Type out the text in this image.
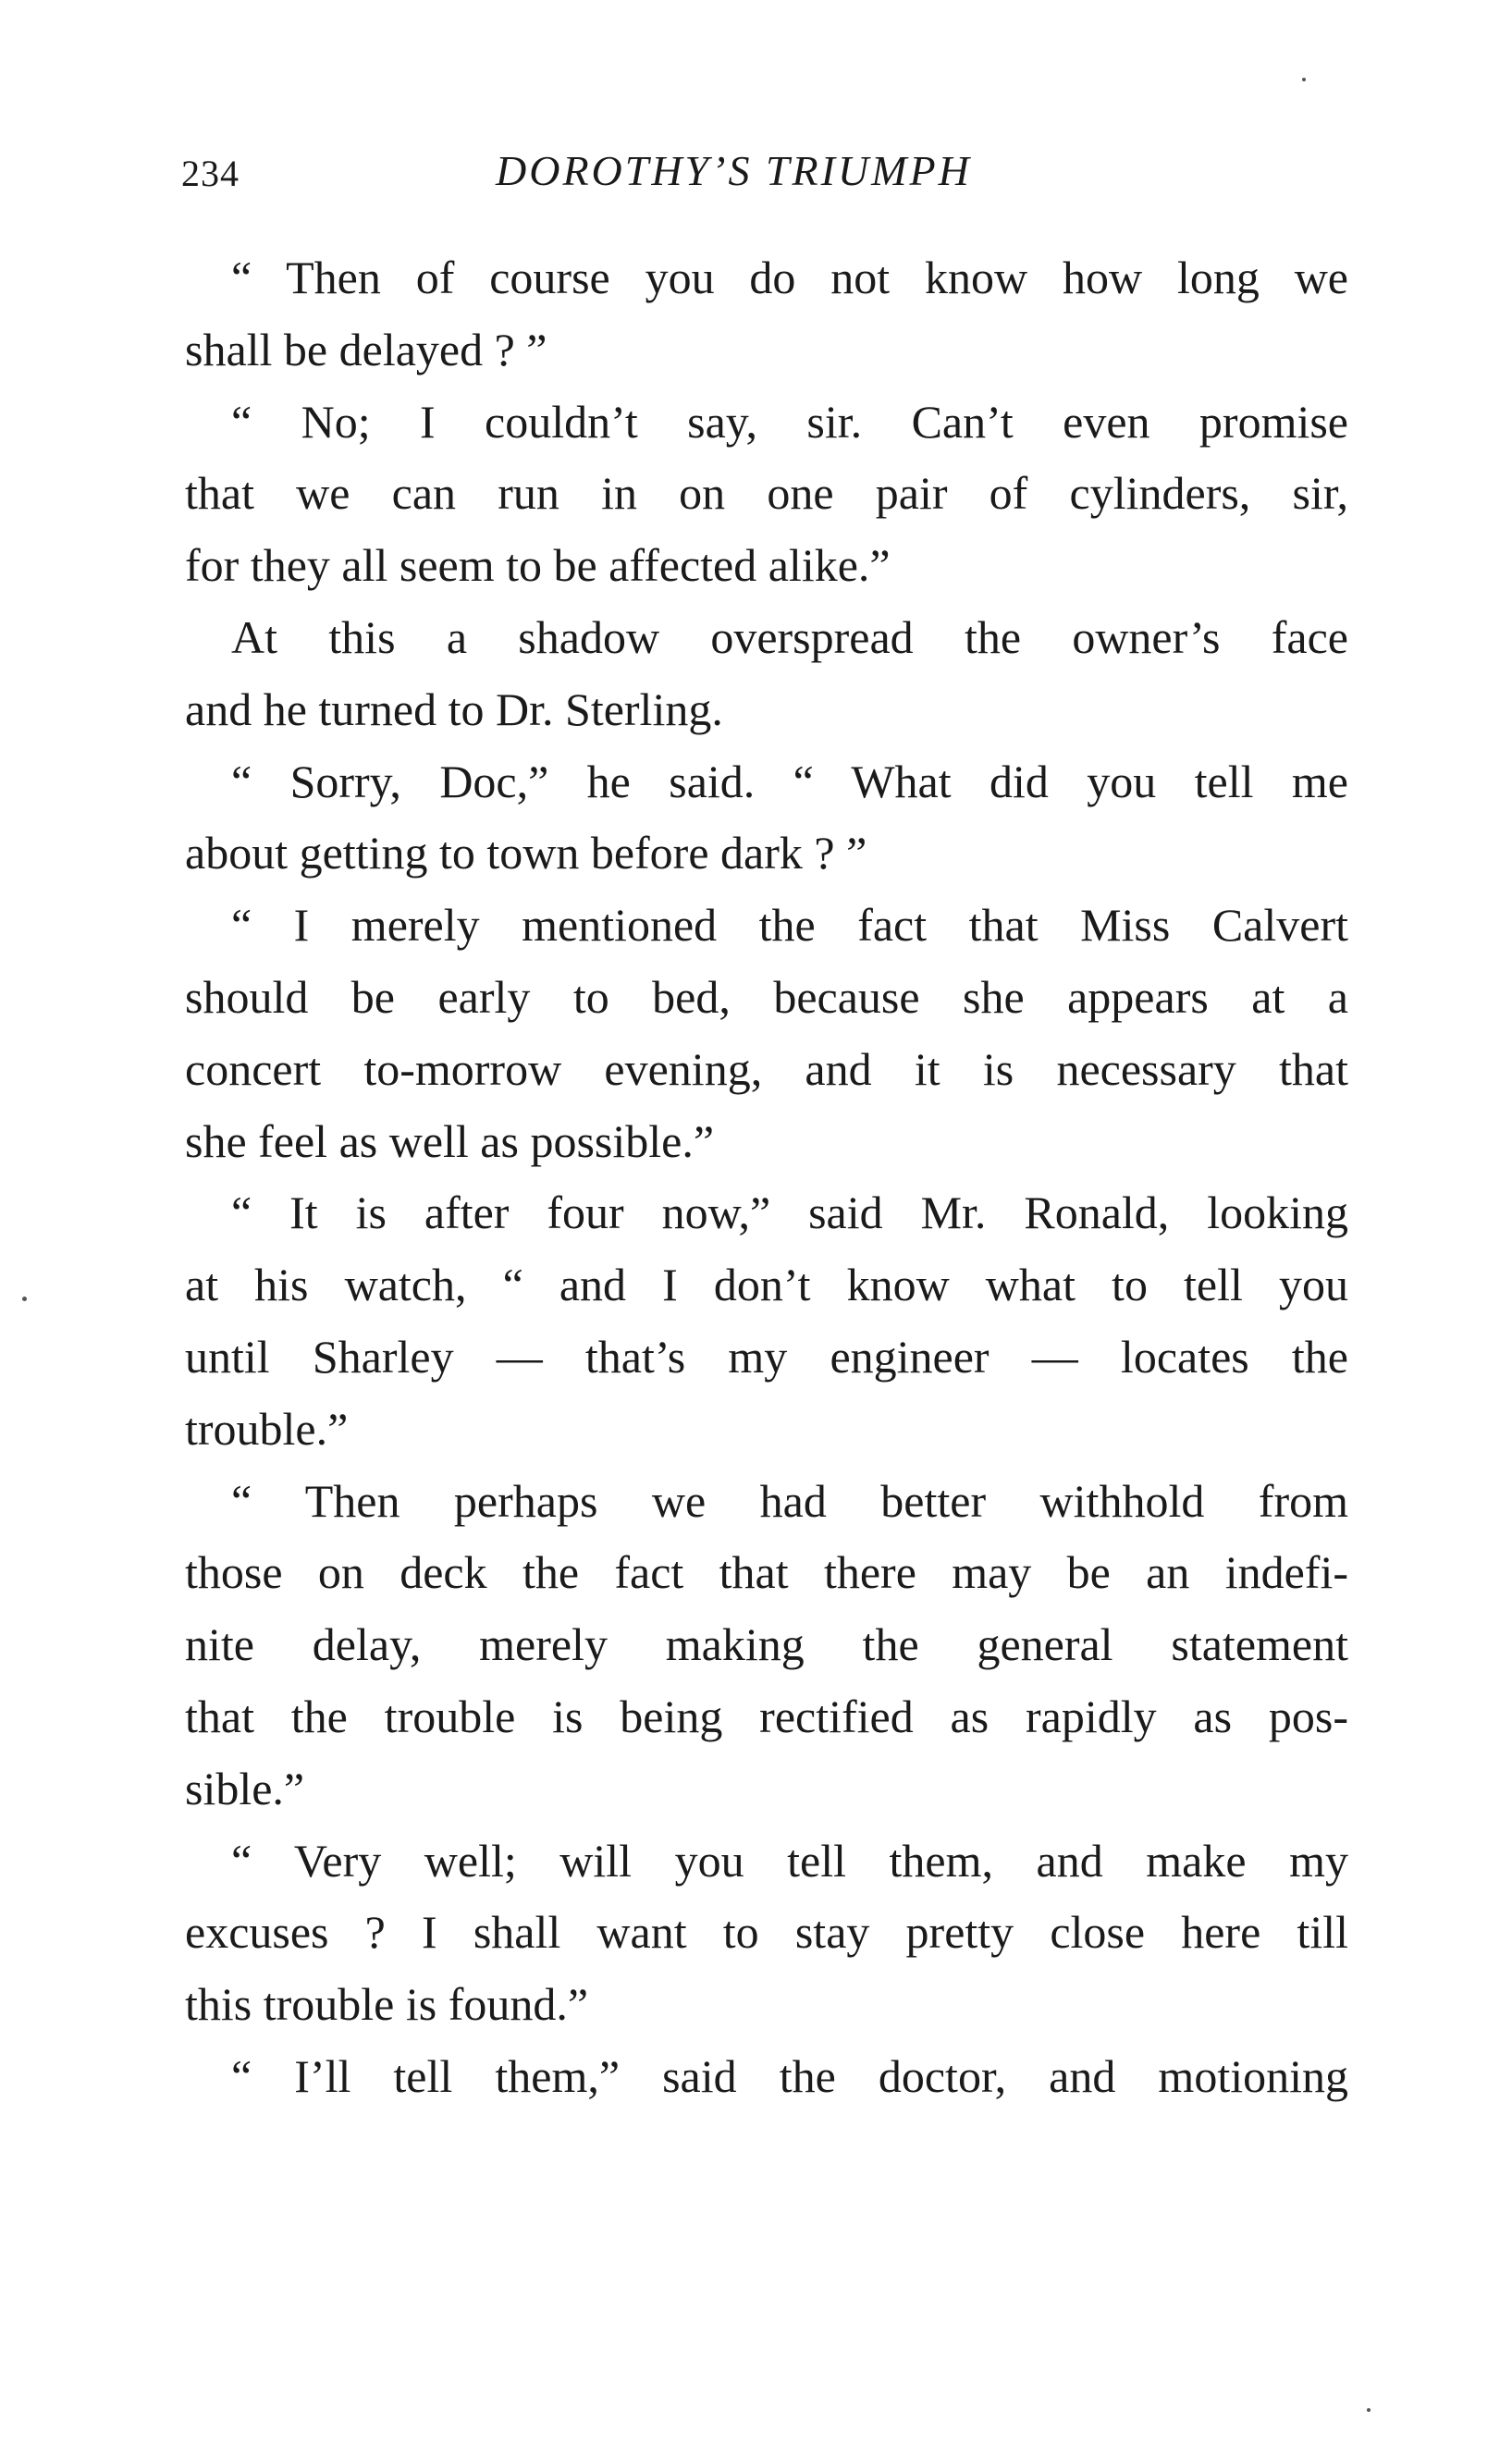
234	DOROTHY’S TRIUMPH
“ Then of course you do not know how long we
shall be delayed ? ”
“ No; I couldn’t say, sir. Can’t even promise
that we can run in on one pair of cylinders, sir,
for they all seem to be affected alike.”
At this a shadow overspread the owner’s face
and he turned to Dr. Sterling.
“ Sorry, Doc,” he said. “ What did you tell me
about getting to town before dark ? ”
“ I merely mentioned the fact that Miss Calvert
should be early to bed, because she appears at a
concert to-morrow evening, and it is necessary that
she feel as well as possible.”
“ It is after four now,” said Mr. Ronald, looking
at his watch, “ and I don’t know what to tell you
until Sharley — that’s my engineer — locates the
trouble.”
“ Then perhaps we had better withhold from
those on deck the fact that there may be an indefi-
nite delay, merely making the general statement
that the trouble is being rectified as rapidly as pos-
sible.”
“ Very well; will you tell them, and make my
excuses ? I shall want to stay pretty close here till
this trouble is found.”
“ I’ll tell them,” said the doctor, and motioning
